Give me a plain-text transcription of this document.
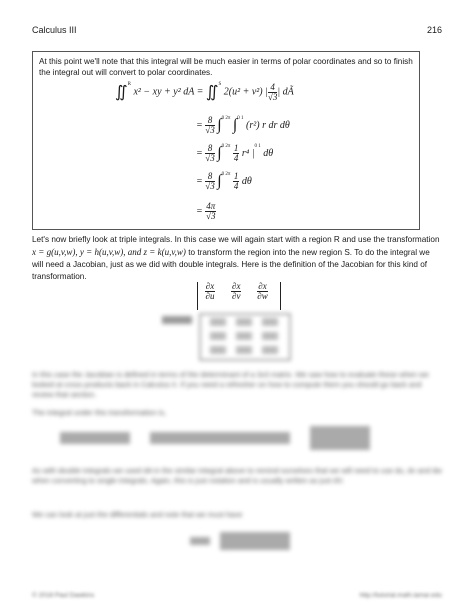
Calculus III	216

At this point we'll note that this integral will be much easier in terms of polar coordinates and so to finish the integral out will convert to polar coordinates.

∬$^R$ x² − xy + y² dA = ∬$^S$ 2(u² + v²) | $\frac{4}{√3}$ | dÃ
= $\frac{8}{√3} \int^{0 2\pi}$ ∫$^{0 1}$ (r²) r dr dθ
= $\frac{8}{√3} \int^{0 2\pi} \frac{1}{4} r^4$ $|^{0 1}$ dθ
= $\frac{8}{√3} \int^{0 2\pi} \frac{1}{4}$ dθ
= $\frac{4\pi}{√3}$
Let's now briefly look at triple integrals. In this case we will again start with a region R and use the transformation x = g(u,v,w), y = h(u,v,w), and z = k(u,v,w) to transform the region into the new region S. To do the integral we will need a Jacobian, just as we did with double integrals. Here is the definition of the Jacobian for this kind of transformation.
$\frac{\partial x}{\partial u}$
$\frac{\partial x}{\partial v}$
$\frac{\partial x}{\partial w}$
In this case the Jacobian is defined in terms of the determinant of a 3x3 matrix. We saw how to evaluate these when we looked at cross products back in Calculus II. If you need a refresher on how to compute them you should go back and review that section.
The integral under this transformation is,
As with double integrals we used dA in the similar integral above to remind ourselves that we will need to use du, dv and dw when converting to single integrals. Again, this is just notation and is usually written as just dV.
We can look at just the differentials and note that we must have
© 2018 Paul Dawkins	http://tutorial.math.lamar.edu
